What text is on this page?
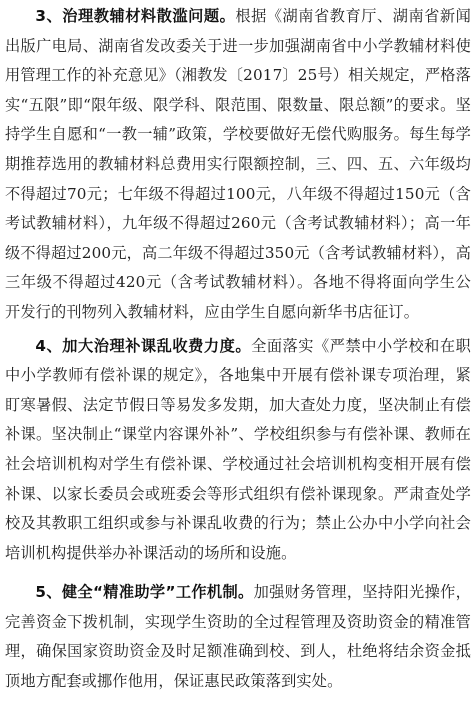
3、治理教辅材料散滥问题。根据《湖南省教育厅、湖南省新闻出版广电局、湖南省发改委关于进一步加强湖南省中小学教辅材料使用管理工作的补充意见》（湘教发〔2017〕25号）相关规定，严格落实“五限”即“限年级、限学科、限范围、限数量、限总额”的要求。坚持学生自愿和“一教一辅”政策，学校要做好无偿代购服务。每生每学期推荐选用的教辅材料总费用实行限额控制，三、四、五、六年级均不得超过70元；七年级不得超过100元，八年级不得超过150元（含考试教辅材料），九年级不得超过260元（含考试教辅材料）；高一年级不得超过200元，高二年级不得超过350元（含考试教辅材料），高三年级不得超过420元（含考试教辅材料）。各地不得将面向学生公开发行的刊物列入教辅材料，应由学生自愿向新华书店征订。

4、加大治理补课乱收费力度。全面落实《严禁中小学校和在职中小学教师有偿补课的规定》，各地集中开展有偿补课专项治理，紧盯寒暑假、法定节假日等易发多发期，加大查处力度，坚决制止有偿补课。坚决制止“课堂内容课外补”、学校组织参与有偿补课、教师在社会培训机构对学生有偿补课、学校通过社会培训机构变相开展有偿补课、以家长委员会或班委会等形式组织有偿补课现象。严肃查处学校及其教职工组织或参与补课乱收费的行为；禁止公办中小学向社会培训机构提供举办补课活动的场所和设施。

5、健全“精准助学”工作机制。加强财务管理，坚持阳光操作，完善资金下拨机制，实现学生资助的全过程管理及资助资金的精准管理，确保国家资助资金及时足额准确到校、到人，杜绝将结余资金抵顶地方配套或挪作他用，保证惠民政策落到实处。
